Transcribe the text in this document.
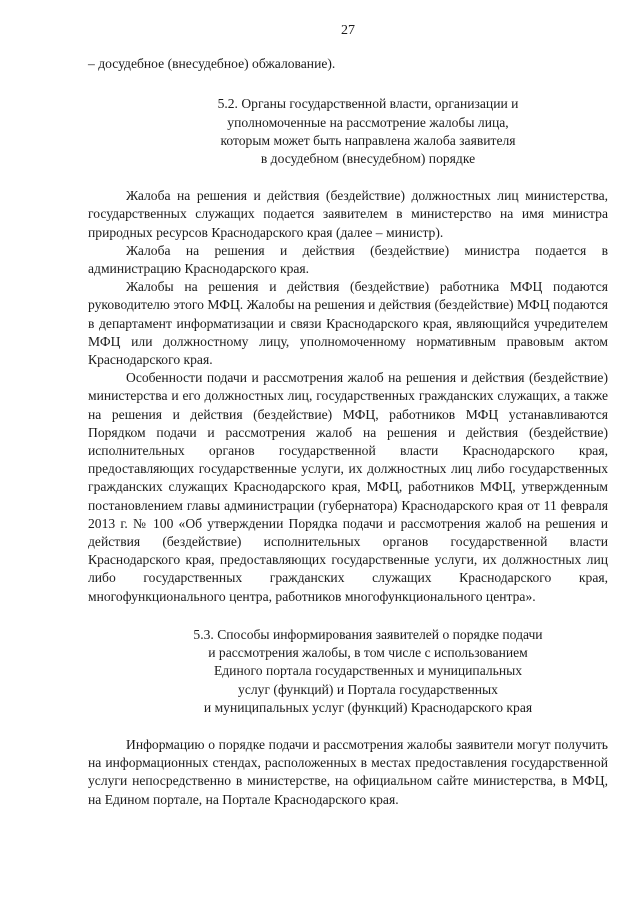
27
– досудебное (внесудебное) обжалование).
5.2. Органы государственной власти, организации и
уполномоченные на рассмотрение жалобы лица,
которым может быть направлена жалоба заявителя
в досудебном (внесудебном) порядке

Жалоба на решения и действия (бездействие) должностных лиц министерства, государственных служащих подается заявителем в министерство на имя министра природных ресурсов Краснодарского края (далее – министр).

Жалоба на решения и действия (бездействие) министра подается в администрацию Краснодарского края.

Жалобы на решения и действия (бездействие) работника МФЦ подаются руководителю этого МФЦ. Жалобы на решения и действия (бездействие) МФЦ подаются в департамент информатизации и связи Краснодарского края, являющийся учредителем МФЦ или должностному лицу, уполномоченному нормативным правовым актом Краснодарского края.

Особенности подачи и рассмотрения жалоб на решения и действия (бездействие) министерства и его должностных лиц, государственных гражданских служащих, а также на решения и действия (бездействие) МФЦ, работников МФЦ устанавливаются Порядком подачи и рассмотрения жалоб на решения и действия (бездействие) исполнительных органов государственной власти Краснодарского края, предоставляющих государственные услуги, их должностных лиц либо государственных гражданских служащих Краснодарского края, МФЦ, работников МФЦ, утвержденным постановлением главы администрации (губернатора) Краснодарского края от 11 февраля 2013 г. № 100 «Об утверждении Порядка подачи и рассмотрения жалоб на решения и действия (бездействие) исполнительных органов государственной власти Краснодарского края, предоставляющих государственные услуги, их должностных лиц либо государственных гражданских служащих Краснодарского края, многофункционального центра, работников многофункционального центра».

5.3. Способы информирования заявителей о порядке подачи
и рассмотрения жалобы, в том числе с использованием
Единого портала государственных и муниципальных
услуг (функций) и Портала государственных
и муниципальных услуг (функций) Краснодарского края

Информацию о порядке подачи и рассмотрения жалобы заявители могут получить на информационных стендах, расположенных в местах предоставления государственной услуги непосредственно в министерстве, на официальном сайте министерства, в МФЦ, на Едином портале, на Портале Краснодарского края.
